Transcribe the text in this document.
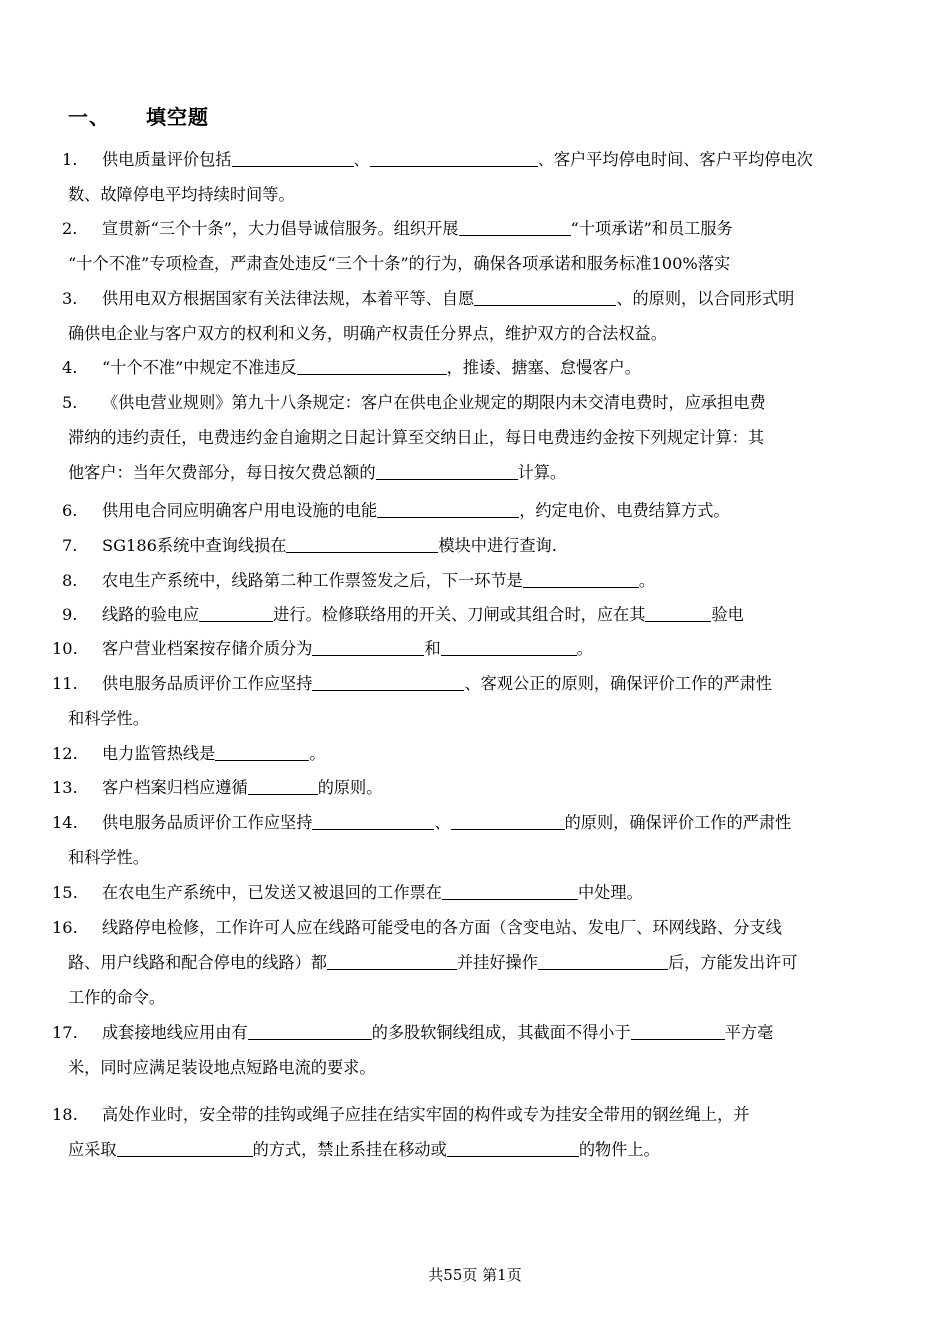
一、 填空题
1. 供电质量评价包括	、	、客户平均停电时间、客户平均停电次
数、故障停电平均持续时间等。
2. 宣贯新“三个十条”，大力倡导诚信服务。组织开展	“十项承诺”和员工服务
“十个不准”专项检查，严肃查处违反“三个十条”的行为，确保各项承诺和服务标准100%落实
3. 供用电双方根据国家有关法律法规，本着平等、自愿	、的原则，以合同形式明
确供电企业与客户双方的权利和义务，明确产权责任分界点，维护双方的合法权益。
4. “十个不准”中规定不准违反	，推诿、搪塞、怠慢客户。
5. 《供电营业规则》第九十八条规定：客户在供电企业规定的期限内未交清电费时，应承担电费
滞纳的违约责任，电费违约金自逾期之日起计算至交纳日止，每日电费违约金按下列规定计算：其
他客户：当年欠费部分，每日按欠费总额的	计算。
6. 供用电合同应明确客户用电设施的电能	，约定电价、电费结算方式。
7. SG186系统中查询线损在	模块中进行查询.
8. 农电生产系统中，线路第二种工作票签发之后，下一环节是	。
9. 线路的验电应	进行。检修联络用的开关、刀闸或其组合时，应在其	验电
10. 客户营业档案按存储介质分为	和	。
11. 供电服务品质评价工作应坚持	、客观公正的原则，确保评价工作的严肃性
和科学性。
12. 电力监管热线是	。
13. 客户档案归档应遵循	的原则。
14. 供电服务品质评价工作应坚持	、	的原则，确保评价工作的严肃性
和科学性。
15. 在农电生产系统中，已发送又被退回的工作票在	中处理。
16. 线路停电检修，工作许可人应在线路可能受电的各方面（含变电站、发电厂、环网线路、分支线
路、用户线路和配合停电的线路）都	并挂好操作	后，方能发出许可
工作的命令。
17. 成套接地线应用由有	的多股软铜线组成，其截面不得小于	平方毫
米，同时应满足装设地点短路电流的要求。
18. 高处作业时，安全带的挂钩或绳子应挂在结实牢固的构件或专为挂安全带用的钢丝绳上，并
应采取	的方式，禁止系挂在移动或	的物件上。
共55页 第1页
